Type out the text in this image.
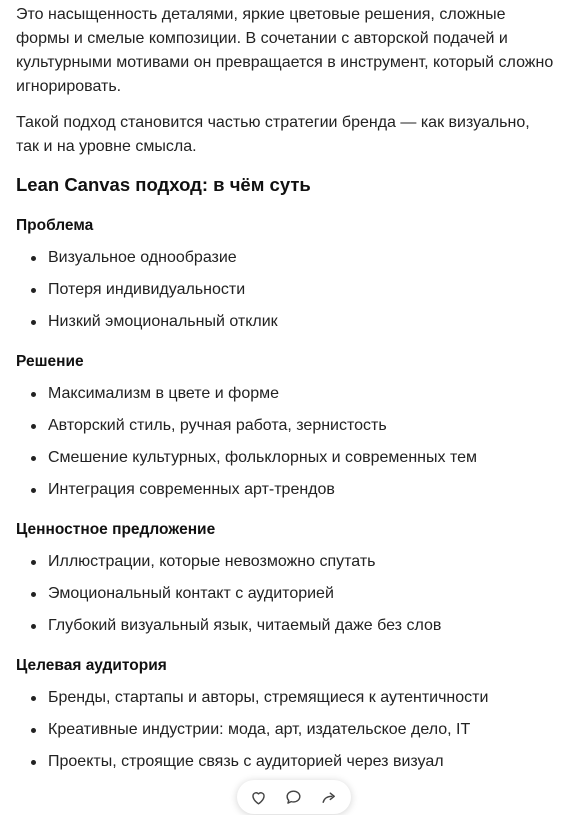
Это насыщенность деталями, яркие цветовые решения, сложные формы и смелые композиции. В сочетании с авторской подачей и культурными мотивами он превращается в инструмент, который сложно игнорировать.

Такой подход становится частью стратегии бренда — как визуально, так и на уровне смысла.

Lean Canvas подход: в чём суть
Проблема
Визуальное однообразие
Потеря индивидуальности
Низкий эмоциональный отклик
Решение
Максимализм в цвете и форме
Авторский стиль, ручная работа, зернистость
Смешение культурных, фольклорных и современных тем
Интеграция современных арт-трендов
Ценностное предложение
Иллюстрации, которые невозможно спутать
Эмоциональный контакт с аудиторией
Глубокий визуальный язык, читаемый даже без слов
Целевая аудитория
Бренды, стартапы и авторы, стремящиеся к аутентичности
Креативные индустрии: мода, арт, издательское дело, IT
Проекты, строящие связь с аудиторией через визуал
